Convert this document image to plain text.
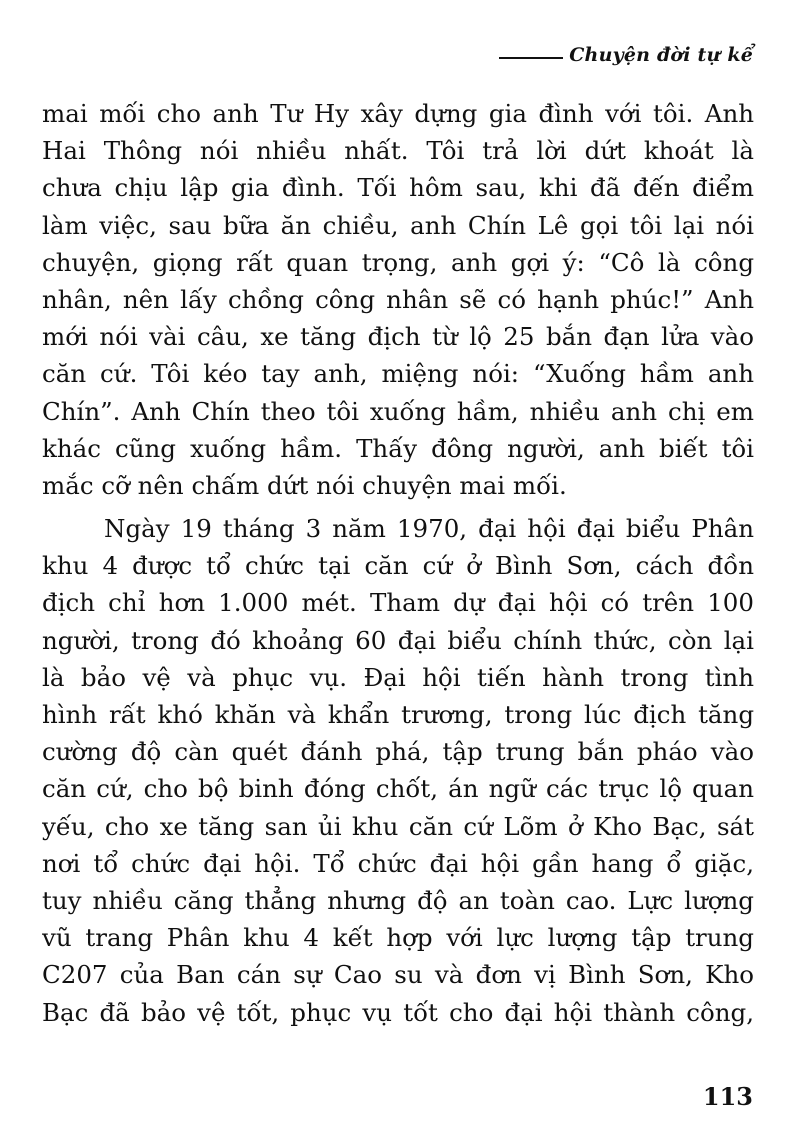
Chuyện đời tự kể
mai mối cho anh Tư Hy xây dựng gia đình với tôi. Anh
Hai Thông nói nhiều nhất. Tôi trả lời dứt khoát là
chưa chịu lập gia đình. Tối hôm sau, khi đã đến điểm
làm việc, sau bữa ăn chiều, anh Chín Lê gọi tôi lại nói
chuyện, giọng rất quan trọng, anh gợi ý: “Cô là công
nhân, nên lấy chồng công nhân sẽ có hạnh phúc!” Anh
mới nói vài câu, xe tăng địch từ lộ 25 bắn đạn lửa vào
căn cứ. Tôi kéo tay anh, miệng nói: “Xuống hầm anh
Chín”. Anh Chín theo tôi xuống hầm, nhiều anh chị em
khác cũng xuống hầm. Thấy đông người, anh biết tôi
mắc cỡ nên chấm dứt nói chuyện mai mối.
Ngày 19 tháng 3 năm 1970, đại hội đại biểu Phân
khu 4 được tổ chức tại căn cứ ở Bình Sơn, cách đồn
địch chỉ hơn 1.000 mét. Tham dự đại hội có trên 100
người, trong đó khoảng 60 đại biểu chính thức, còn lại
là bảo vệ và phục vụ. Đại hội tiến hành trong tình
hình rất khó khăn và khẩn trương, trong lúc địch tăng
cường độ càn quét đánh phá, tập trung bắn pháo vào
căn cứ, cho bộ binh đóng chốt, án ngữ các trục lộ quan
yếu, cho xe tăng san ủi khu căn cứ Lõm ở Kho Bạc, sát
nơi tổ chức đại hội. Tổ chức đại hội gần hang ổ giặc,
tuy nhiều căng thẳng nhưng độ an toàn cao. Lực lượng
vũ trang Phân khu 4 kết hợp với lực lượng tập trung
C207 của Ban cán sự Cao su và đơn vị Bình Sơn, Kho
Bạc đã bảo vệ tốt, phục vụ tốt cho đại hội thành công,
113
